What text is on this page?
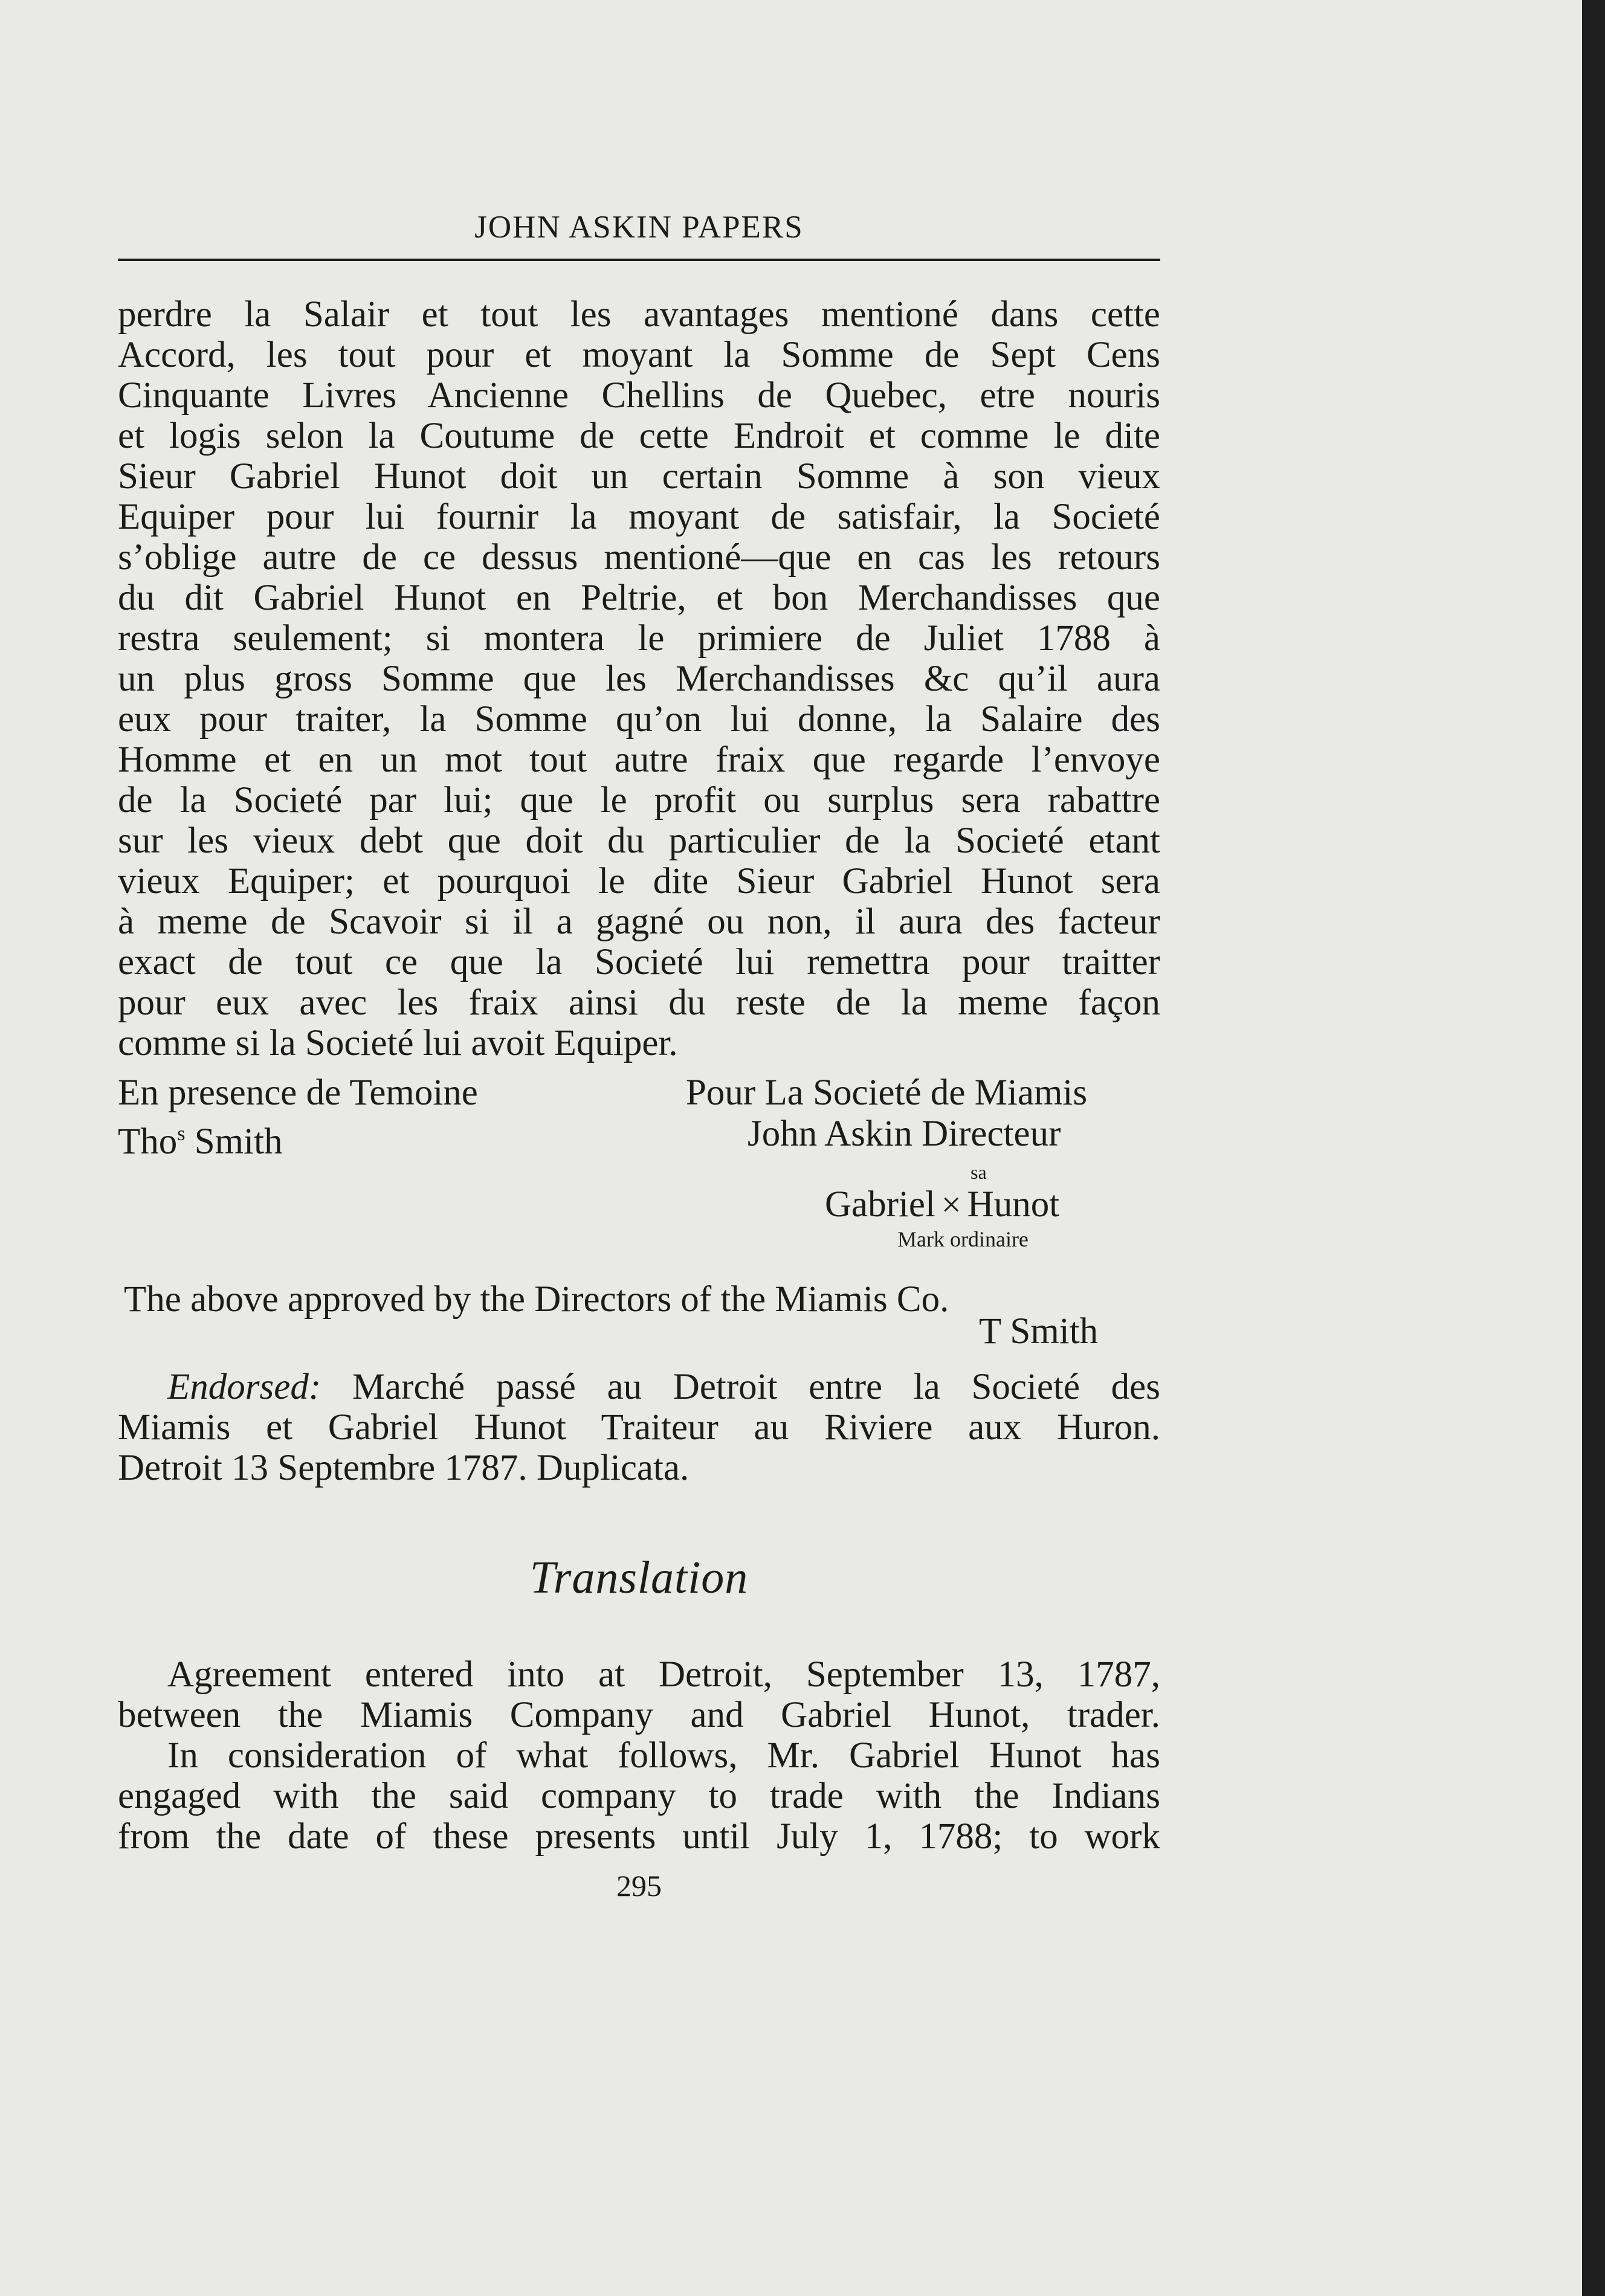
JOHN ASKIN PAPERS
perdre la Salair et tout les avantages mentioné dans cette
Accord, les tout pour et moyant la Somme de Sept Cens
Cinquante Livres Ancienne Chellins de Quebec, etre nouris
et logis selon la Coutume de cette Endroit et comme le dite
Sieur Gabriel Hunot doit un certain Somme à son vieux
Equiper pour lui fournir la moyant de satisfair, la Societé
s’oblige autre de ce dessus mentioné—que en cas les retours
du dit Gabriel Hunot en Peltrie, et bon Merchandisses que
restra seulement; si montera le primiere de Juliet 1788 à
un plus gross Somme que les Merchandisses &c qu’il aura
eux pour traiter, la Somme qu’on lui donne, la Salaire des
Homme et en un mot tout autre fraix que regarde l’envoye
de la Societé par lui; que le profit ou surplus sera rabattre
sur les vieux debt que doit du particulier de la Societé etant
vieux Equiper; et pourquoi le dite Sieur Gabriel Hunot sera
à meme de Scavoir si il a gagné ou non, il aura des facteur
exact de tout ce que la Societé lui remettra pour traitter
pour eux avec les fraix ainsi du reste de la meme façon
comme si la Societé lui avoit Equiper.
En presence de Temoine
Tho$^s$ Smith
Pour La Societé de Miamis
John Askin Directeur
sa
Gabriel × Hunot
Mark ordinaire
The above approved by the Directors of the Miamis Co.
T Smith
Endorsed: Marché passé au Detroit entre la Societé des
Miamis et Gabriel Hunot Traiteur au Riviere aux Huron.
Detroit 13 Septembre 1787. Duplicata.
Translation
Agreement entered into at Detroit, September 13, 1787,
between the Miamis Company and Gabriel Hunot, trader.
In consideration of what follows, Mr. Gabriel Hunot has
engaged with the said company to trade with the Indians
from the date of these presents until July 1, 1788; to work
295
